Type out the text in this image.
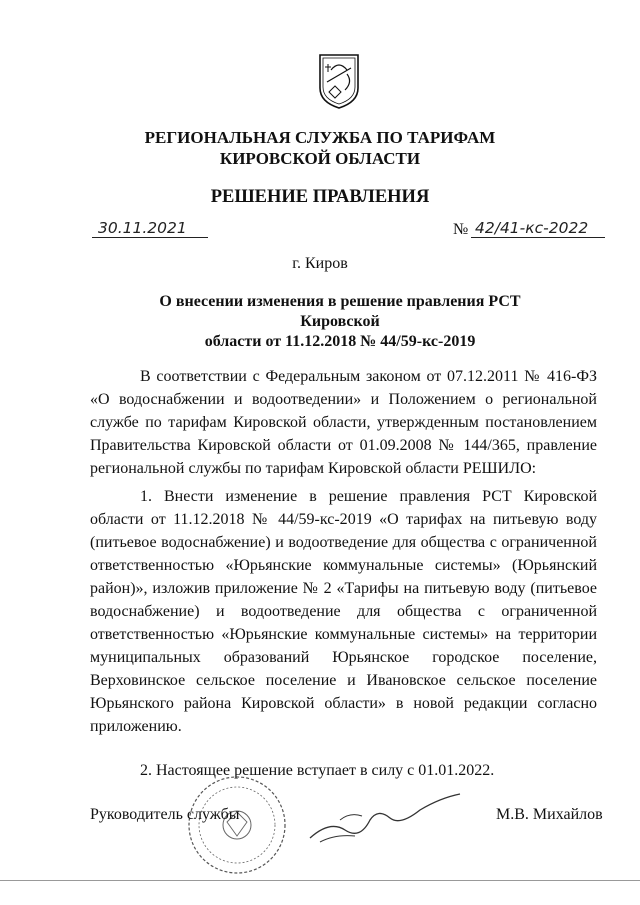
РЕГИОНАЛЬНАЯ СЛУЖБА ПО ТАРИФАМ
КИРОВСКОЙ ОБЛАСТИ
РЕШЕНИЕ ПРАВЛЕНИЯ
30.11.2021	№ 42/41-кс-2022
г. Киров
О внесении изменения в решение правления РСТ Кировской
области от 11.12.2018 № 44/59-кс-2019
В соответствии с Федеральным законом от 07.12.2011 № 416-ФЗ «О водоснабжении и водоотведении» и Положением о региональной службе по тарифам Кировской области, утвержденным постановлением Правительства Кировской области от 01.09.2008 № 144/365, правление региональной службы по тарифам Кировской области РЕШИЛО:
1. Внести изменение в решение правления РСТ Кировской области от 11.12.2018 № 44/59-кс-2019 «О тарифах на питьевую воду (питьевое водоснабжение) и водоотведение для общества с ограниченной ответственностью «Юрьянские коммунальные системы» (Юрьянский район)», изложив приложение № 2 «Тарифы на питьевую воду (питьевое водоснабжение) и водоотведение для общества с ограниченной ответственностью «Юрьянские коммунальные системы» на территории муниципальных образований Юрьянское городское поселение, Верховинское сельское поселение и Ивановское сельское поселение Юрьянского района Кировской области» в новой редакции согласно приложению.
2. Настоящее решение вступает в силу с 01.01.2022.
Руководитель службы	М.В. Михайлов
